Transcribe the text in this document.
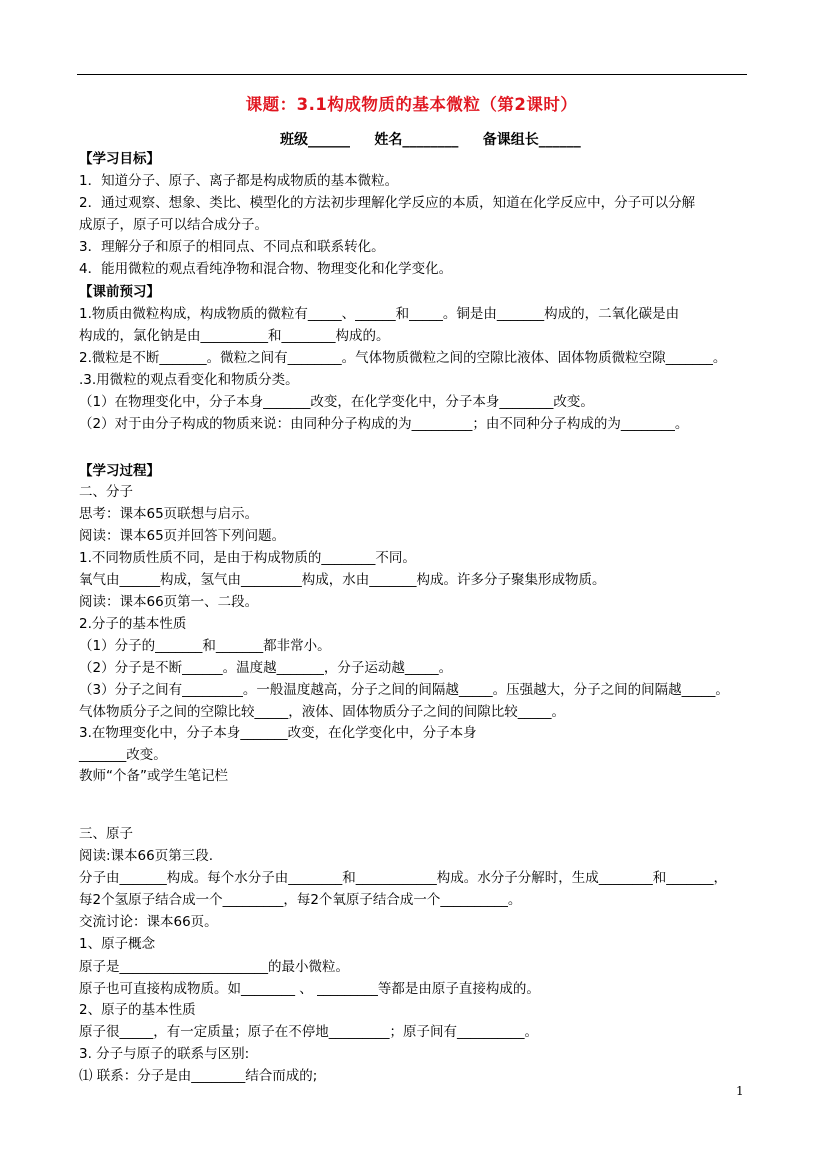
课题：3.1构成物质的基本微粒（第2课时）
班级______ 姓名________ 备课组长______
【学习目标】
1．知道分子、原子、离子都是构成物质的基本微粒。
2．通过观察、想象、类比、模型化的方法初步理解化学反应的本质，知道在化学反应中，分子可以分解
成原子，原子可以结合成分子。
3．理解分子和原子的相同点、不同点和联系转化。
4．能用微粒的观点看纯净物和混合物、物理变化和化学变化。
【课前预习】
1.物质由微粒构成，构成物质的微粒有_____、______和_____。铜是由_______构成的，二氧化碳是由
构成的，氯化钠是由__________和________构成的。
2.微粒是不断_______。微粒之间有________。气体物质微粒之间的空隙比液体、固体物质微粒空隙_______。
.3.用微粒的观点看变化和物质分类。
（1）在物理变化中，分子本身_______改变，在化学变化中，分子本身________改变。
（2）对于由分子构成的物质来说：由同种分子构成的为_________；由不同种分子构成的为________。
【学习过程】
二、分子
思考：课本65页联想与启示。
阅读：课本65页并回答下列问题。
1.不同物质性质不同，是由于构成物质的________不同。
氧气由______构成，氢气由_________构成，水由_______构成。许多分子聚集形成物质。
阅读：课本66页第一、二段。
2.分子的基本性质
（1）分子的_______和_______都非常小。
（2）分子是不断______。温度越_______，分子运动越_____。
（3）分子之间有_________。一般温度越高，分子之间的间隔越_____。压强越大，分子之间的间隔越_____。
气体物质分子之间的空隙比较_____，液体、固体物质分子之间的间隙比较_____。
3.在物理变化中，分子本身_______改变，在化学变化中，分子本身
_______改变。
教师“个备”或学生笔记栏
三、原子
阅读:课本66页第三段.
分子由_______构成。每个水分子由________和____________构成。水分子分解时，生成________和_______，
每2个氢原子结合成一个_________，每2个氧原子结合成一个__________。
交流讨论：课本66页。
1、原子概念
原子是______________________的最小微粒。
原子也可直接构成物质。如________ 、 _________等都是由原子直接构成的。
2、原子的基本性质
原子很_____，有一定质量；原子在不停地_________；原子间有__________。
3. 分子与原子的联系与区别:
⑴ 联系：分子是由________结合而成的;
1
